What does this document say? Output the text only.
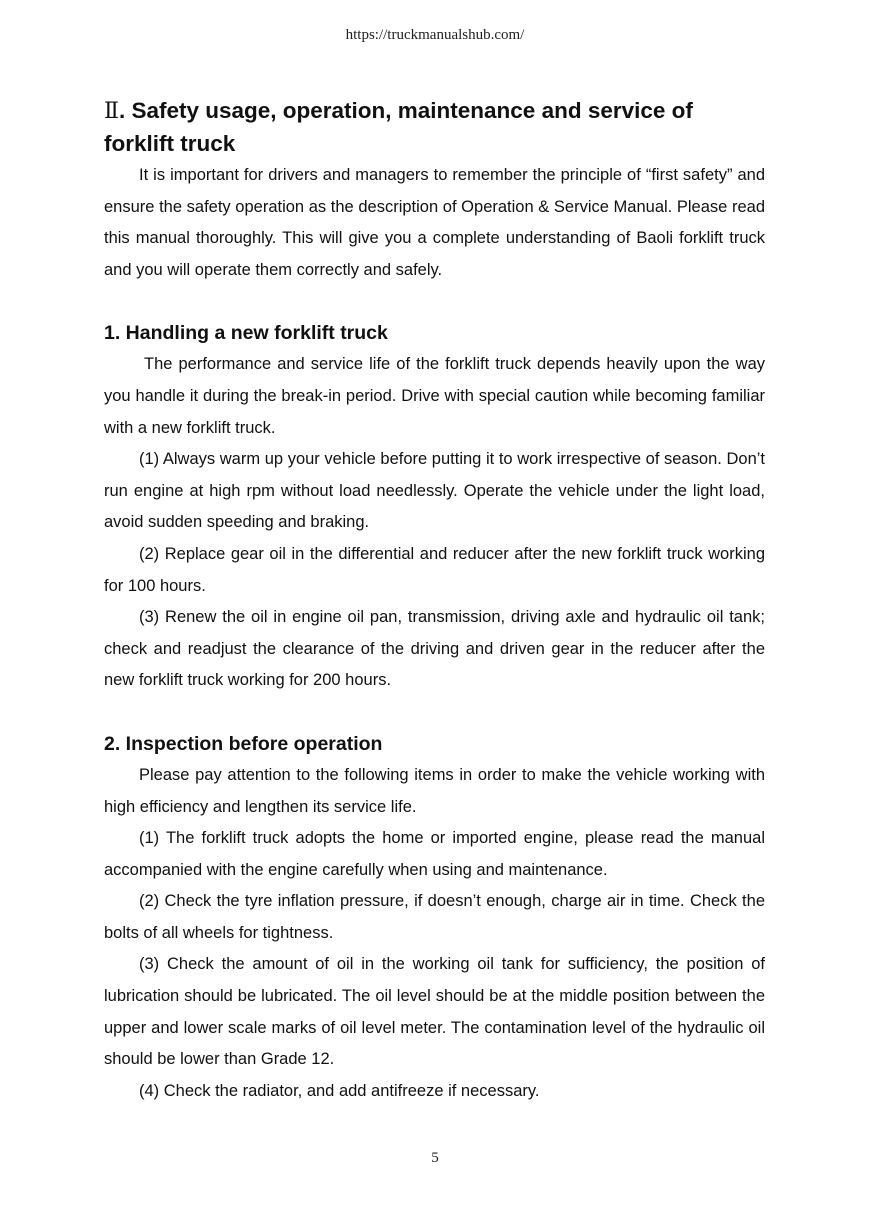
https://truckmanualshub.com/
Ⅱ. Safety usage, operation, maintenance and service of forklift truck

It is important for drivers and managers to remember the principle of “first safety” and ensure the safety operation as the description of Operation & Service Manual. Please read this manual thoroughly. This will give you a complete understanding of Baoli forklift truck and you will operate them correctly and safely.

1. Handling a new forklift truck

The performance and service life of the forklift truck depends heavily upon the way you handle it during the break-in period. Drive with special caution while becoming familiar with a new forklift truck.

(1) Always warm up your vehicle before putting it to work irrespective of season. Don’t run engine at high rpm without load needlessly. Operate the vehicle under the light load, avoid sudden speeding and braking.

(2) Replace gear oil in the differential and reducer after the new forklift truck working for 100 hours.

(3) Renew the oil in engine oil pan, transmission, driving axle and hydraulic oil tank; check and readjust the clearance of the driving and driven gear in the reducer after the new forklift truck working for 200 hours.

2. Inspection before operation

Please pay attention to the following items in order to make the vehicle working with high efficiency and lengthen its service life.

(1) The forklift truck adopts the home or imported engine, please read the manual accompanied with the engine carefully when using and maintenance.

(2) Check the tyre inflation pressure, if doesn’t enough, charge air in time. Check the bolts of all wheels for tightness.

(3) Check the amount of oil in the working oil tank for sufficiency, the position of lubrication should be lubricated. The oil level should be at the middle position between the upper and lower scale marks of oil level meter. The contamination level of the hydraulic oil should be lower than Grade 12.

(4) Check the radiator, and add antifreeze if necessary.

5
